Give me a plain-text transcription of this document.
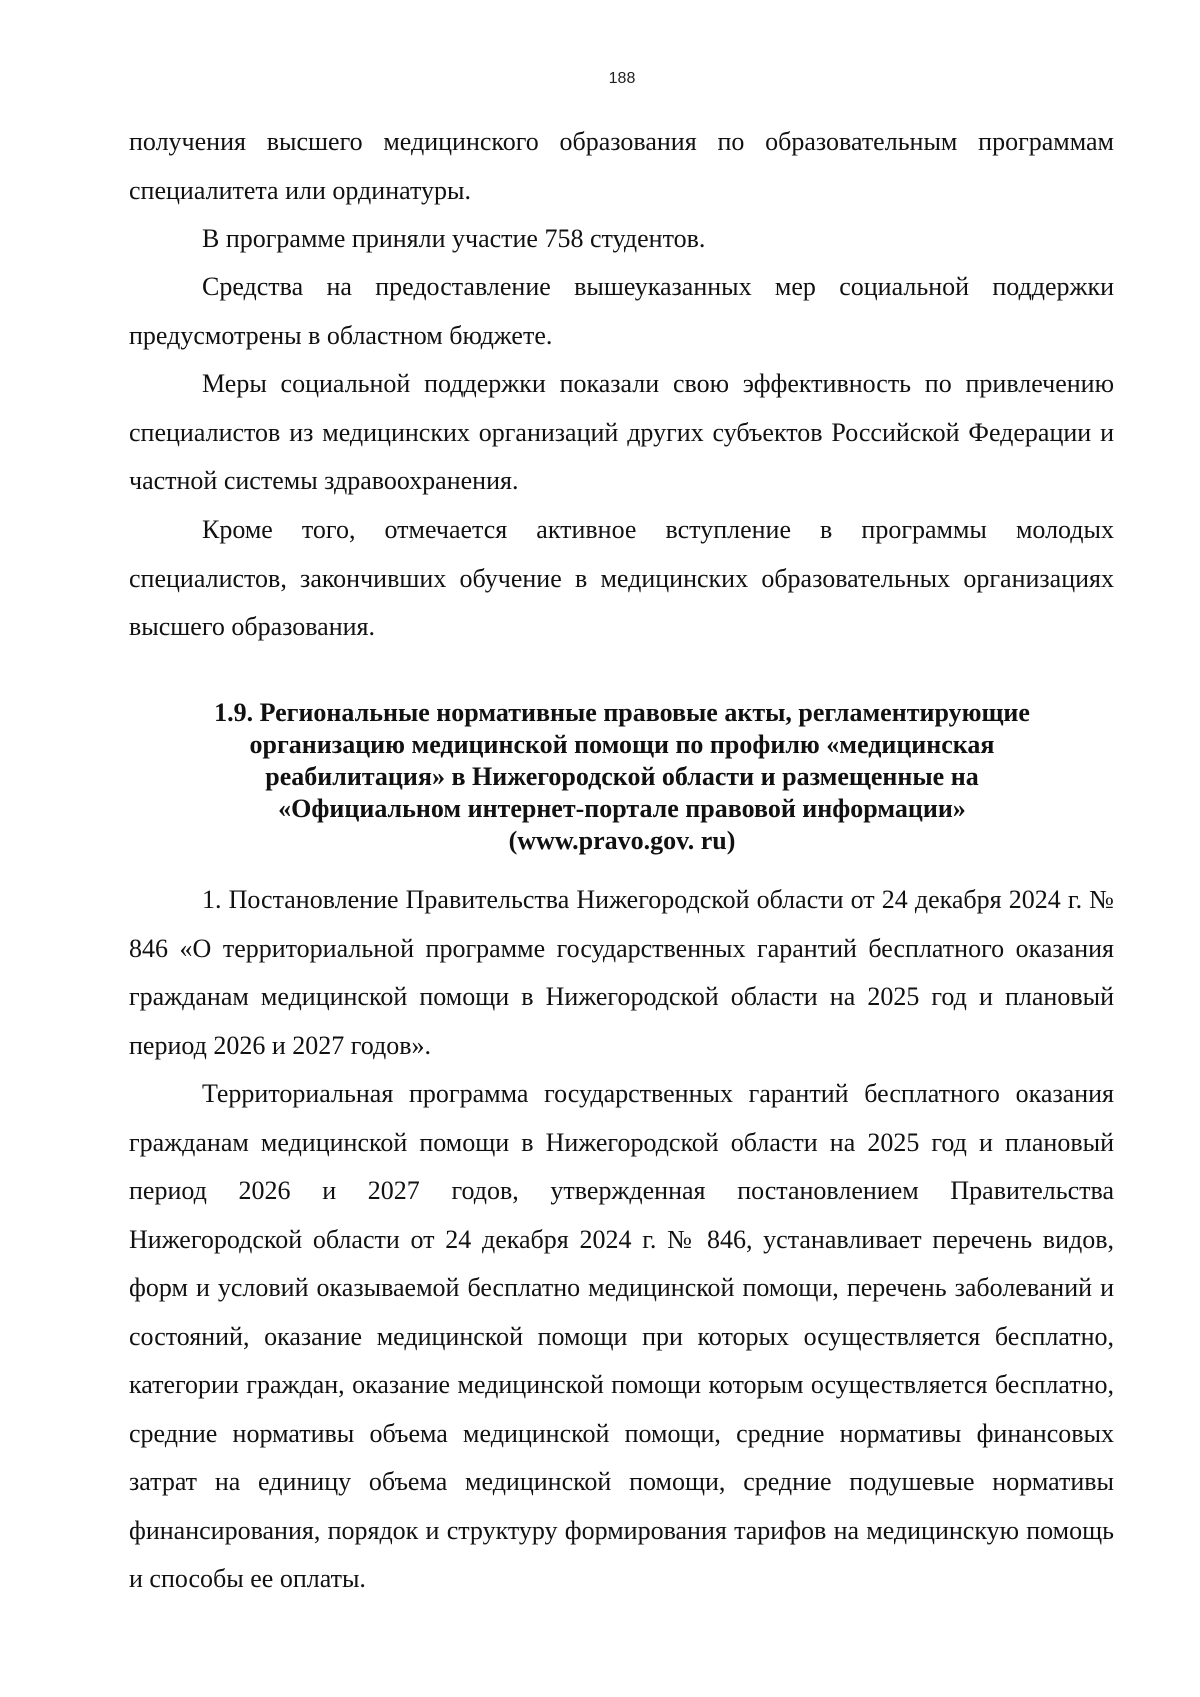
188

получения высшего медицинского образования по образовательным программам специалитета или ординатуры.

В программе приняли участие 758 студентов.

Средства на предоставление вышеуказанных мер социальной поддержки предусмотрены в областном бюджете.

Меры социальной поддержки показали свою эффективность по привлечению специалистов из медицинских организаций других субъектов Российской Федерации и частной системы здравоохранения.

Кроме того, отмечается активное вступление в программы молодых специалистов, закончивших обучение в медицинских образовательных организациях высшего образования.

1.9. Региональные нормативные правовые акты, регламентирующие
организацию медицинской помощи по профилю «медицинская
реабилитация» в Нижегородской области и размещенные на
«Официальном интернет-портале правовой информации»
(www.pravo.gov. ru)

1. Постановление Правительства Нижегородской области от 24 декабря 2024 г. № 846 «О территориальной программе государственных гарантий бесплатного оказания гражданам медицинской помощи в Нижегородской области на 2025 год и плановый период 2026 и 2027 годов».

Территориальная программа государственных гарантий бесплатного оказания гражданам медицинской помощи в Нижегородской области на 2025 год и плановый период 2026 и 2027 годов, утвержденная постановлением Правительства Нижегородской области от 24 декабря 2024 г. № 846, устанавливает перечень видов, форм и условий оказываемой бесплатно медицинской помощи, перечень заболеваний и состояний, оказание медицинской помощи при которых осуществляется бесплатно, категории граждан, оказание медицинской помощи которым осуществляется бесплатно, средние нормативы объема медицинской помощи, средние нормативы финансовых затрат на единицу объема медицинской помощи, средние подушевые нормативы финансирования, порядок и структуру формирования тарифов на медицинскую помощь и способы ее оплаты.
